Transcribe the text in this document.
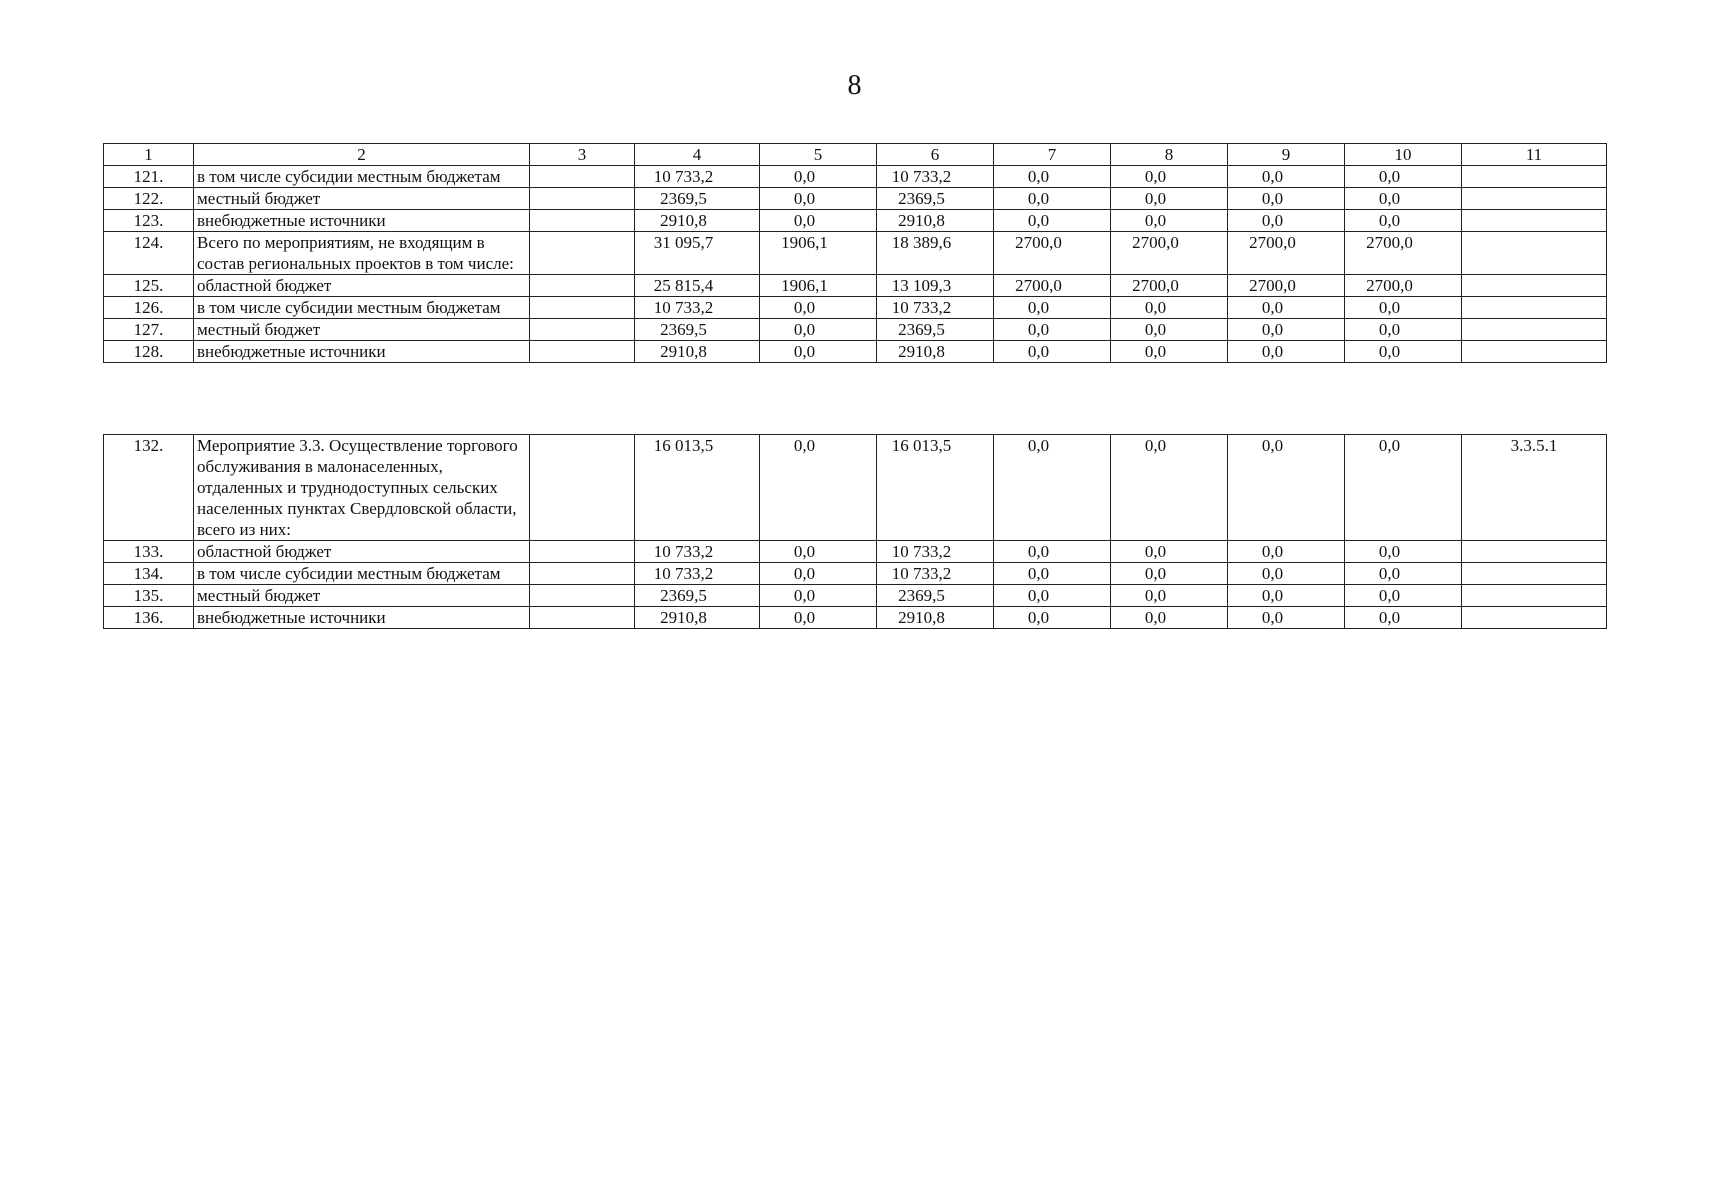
8
1	2	3	4	5	6	7	8	9	10	11
121.	в том числе субсидии местным бюджетам		10 733,2	0,0	10 733,2	0,0	0,0	0,0	0,0	
122.	местный бюджет		2369,5	0,0	2369,5	0,0	0,0	0,0	0,0	
123.	внебюджетные источники		2910,8	0,0	2910,8	0,0	0,0	0,0	0,0	
124.	Всего по мероприятиям, не входящим в состав региональных проектов в том числе:		31 095,7	1906,1	18 389,6	2700,0	2700,0	2700,0	2700,0	
125.	областной бюджет		25 815,4	1906,1	13 109,3	2700,0	2700,0	2700,0	2700,0	
126.	в том числе субсидии местным бюджетам		10 733,2	0,0	10 733,2	0,0	0,0	0,0	0,0	
127.	местный бюджет		2369,5	0,0	2369,5	0,0	0,0	0,0	0,0	
128.	внебюджетные источники		2910,8	0,0	2910,8	0,0	0,0	0,0	0,0	
132.	Мероприятие 3.3. Осуществление торгового обслуживания в малонаселенных, отдаленных и труднодоступных сельских населенных пунктах Свердловской области, всего из них:		16 013,5	0,0	16 013,5	0,0	0,0	0,0	0,0	3.3.5.1
133.	областной бюджет		10 733,2	0,0	10 733,2	0,0	0,0	0,0	0,0	
134.	в том числе субсидии местным бюджетам		10 733,2	0,0	10 733,2	0,0	0,0	0,0	0,0	
135.	местный бюджет		2369,5	0,0	2369,5	0,0	0,0	0,0	0,0	
136.	внебюджетные источники		2910,8	0,0	2910,8	0,0	0,0	0,0	0,0	
